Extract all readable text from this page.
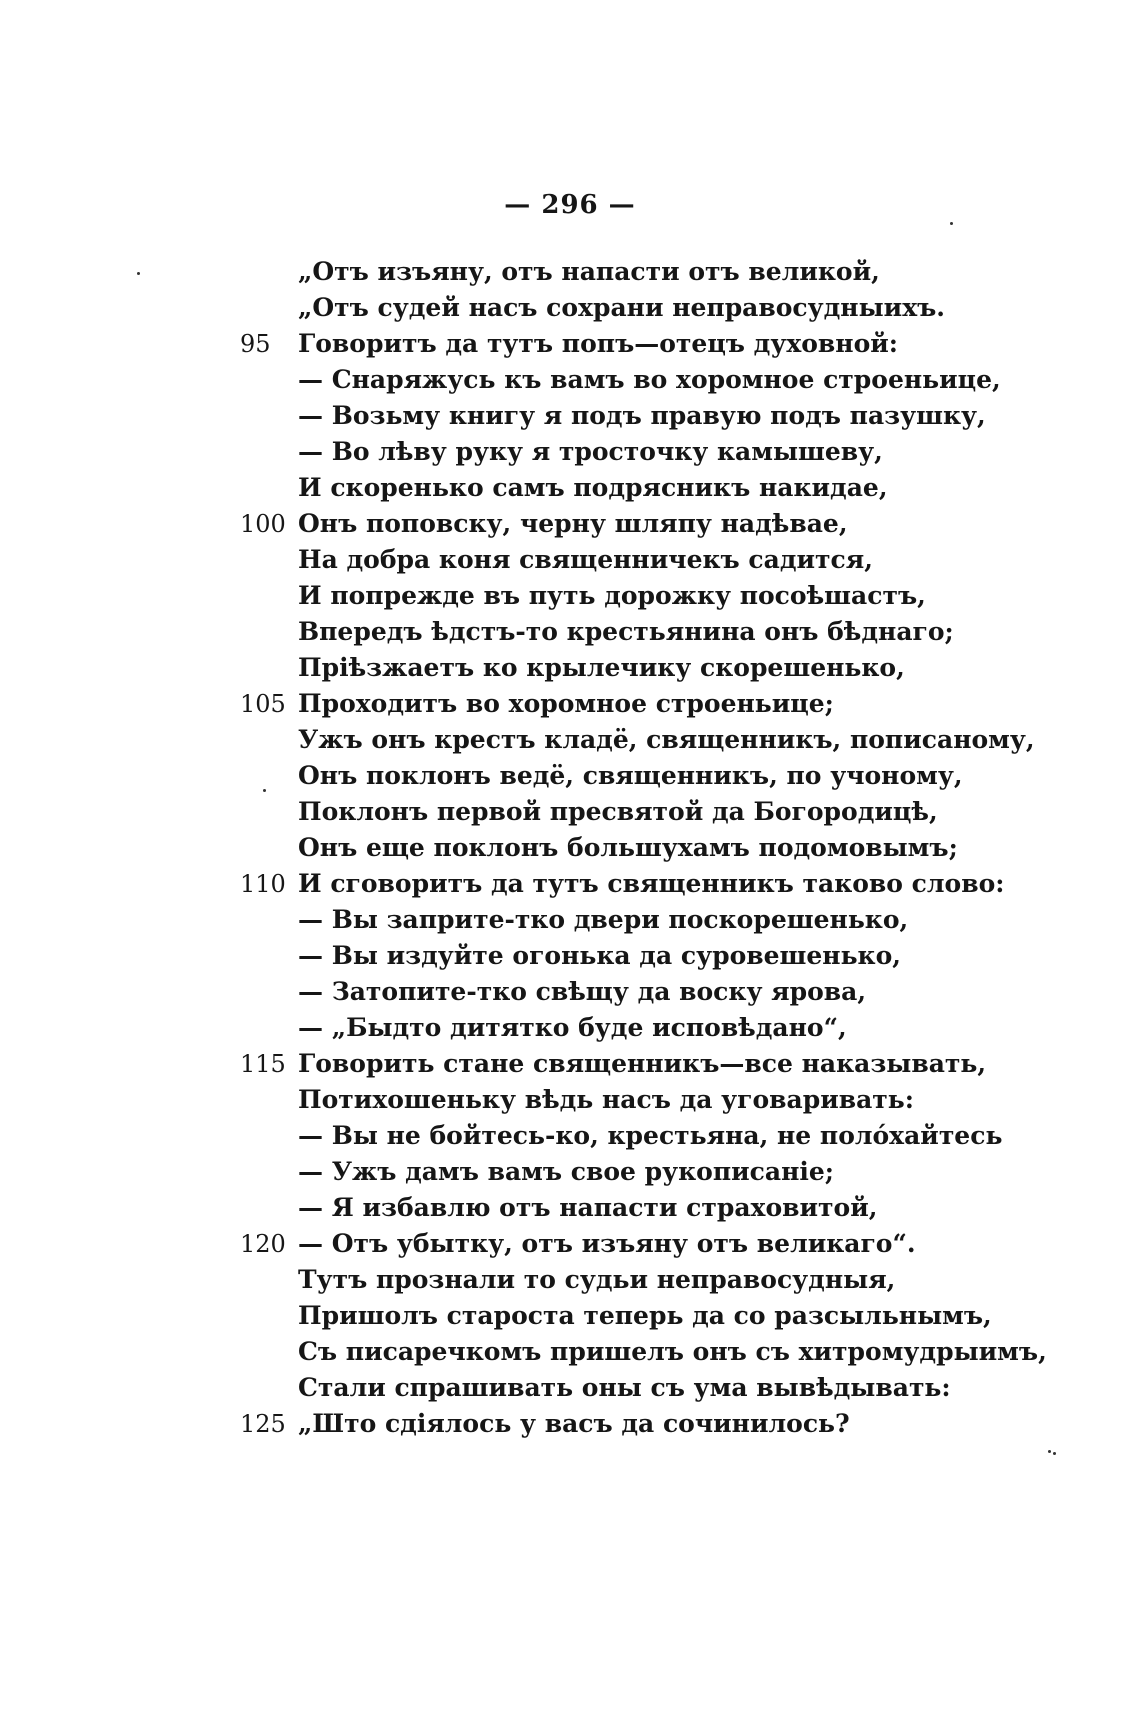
— 296 —
„Отъ изъяну, отъ напасти отъ великой,
„Отъ судей насъ сохрани неправосудныихъ.
95	Говоритъ да тутъ попъ—отецъ духовной:
— Снаряжусь къ вамъ во хоромное строеньице,
— Возьму книгу я подъ правую подъ пазушку,
— Во лѣву руку я тросточку камышеву,
И скоренько самъ подрясникъ накидае,
100 Онъ поповску, черну шляпу надѣвае,
На добра коня священничекъ садится,
И попрежде въ путь дорожку посоѣшастъ,
Впередъ ѣдстъ-то крестьянина онъ бѣднаго;
Пріѣзжаетъ ко крылечику скорешенько,
105 Проходитъ во хоромное строеньице;
Ужъ онъ крестъ кладё, священникъ, пописаному,
Онъ поклонъ ведё, священникъ, по учоному,
Поклонъ первой пресвятой да Богородицѣ,
Онъ еще поклонъ большухамъ подомовымъ;
110 И сговоритъ да тутъ священникъ таково слово:
— Вы заприте-тко двери поскорешенько,
— Вы издуйте огонька да суровешенько,
— Затопите-тко свѣщу да воску ярова,
— „Быдто дитятко буде исповѣдано“,
115 Говорить стане священникъ—все наказывать,
Потихошеньку вѣдь насъ да уговаривать:
— Вы не бойтесь-ко, крестьяна, не полóхайтесь
— Ужъ дамъ вамъ свое рукописаніе;
— Я избавлю отъ напасти страховитой,
120 — Отъ убытку, отъ изъяну отъ великаго“.
Тутъ прознали то судьи неправосудныя,
Пришолъ староста теперь да со разсыльнымъ,
Съ писаречкомъ пришелъ онъ съ хитромудрыимъ,
Стали спрашивать оны съ ума вывѣдывать:
125 „Што сдіялось у васъ да сочинилось?
